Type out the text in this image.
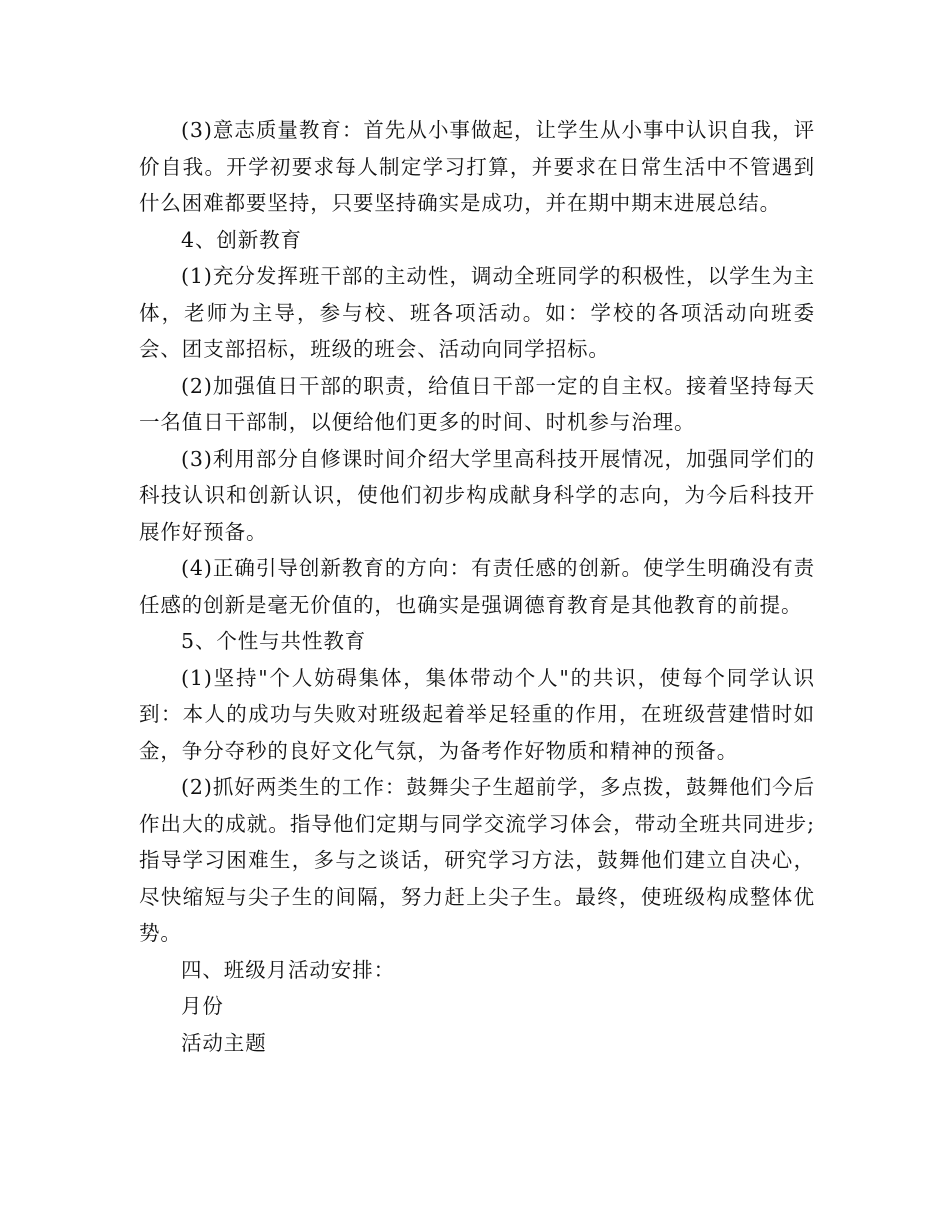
(3)意志质量教育：首先从小事做起，让学生从小事中认识自我，评价自我。开学初要求每人制定学习打算，并要求在日常生活中不管遇到什么困难都要坚持，只要坚持确实是成功，并在期中期末进展总结。

4、创新教育

(1)充分发挥班干部的主动性，调动全班同学的积极性，以学生为主体，老师为主导，参与校、班各项活动。如：学校的各项活动向班委会、团支部招标，班级的班会、活动向同学招标。

(2)加强值日干部的职责，给值日干部一定的自主权。接着坚持每天一名值日干部制，以便给他们更多的时间、时机参与治理。

(3)利用部分自修课时间介绍大学里高科技开展情况，加强同学们的科技认识和创新认识，使他们初步构成献身科学的志向，为今后科技开展作好预备。

(4)正确引导创新教育的方向：有责任感的创新。使学生明确没有责任感的创新是毫无价值的，也确实是强调德育教育是其他教育的前提。

5、个性与共性教育

(1)坚持"个人妨碍集体，集体带动个人"的共识，使每个同学认识到：本人的成功与失败对班级起着举足轻重的作用，在班级营建惜时如金，争分夺秒的良好文化气氛，为备考作好物质和精神的预备。

(2)抓好两类生的工作：鼓舞尖子生超前学，多点拨，鼓舞他们今后作出大的成就。指导他们定期与同学交流学习体会，带动全班共同进步;指导学习困难生，多与之谈话，研究学习方法，鼓舞他们建立自决心，尽快缩短与尖子生的间隔，努力赶上尖子生。最终，使班级构成整体优势。

四、班级月活动安排：

月份

活动主题
